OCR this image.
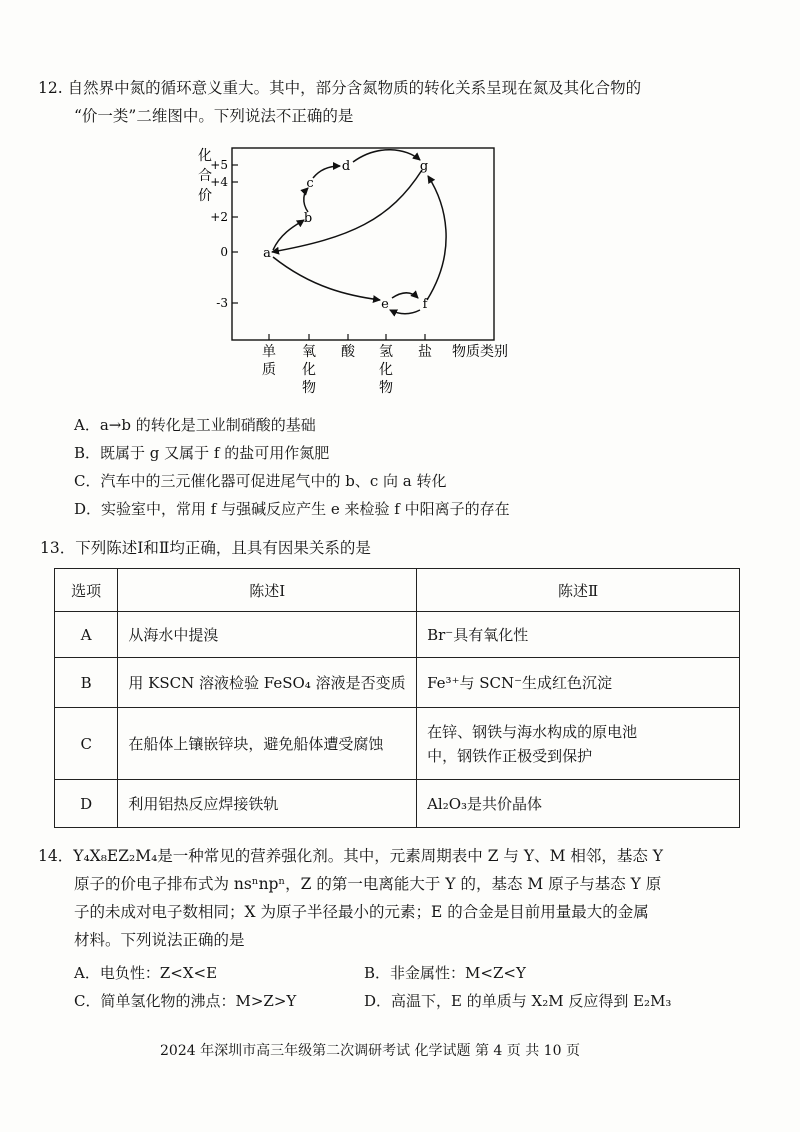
12. 自然界中氮的循环意义重大。其中，部分含氮物质的转化关系呈现在氮及其化合物的
“价一类”二维图中。下列说法不正确的是
化
合
价
+5
+4
+2
0
-3
单
质
氧
化
物
酸 氢
化
物
盐 物质类别
a
b
c
d	g
e	f
A．a→b 的转化是工业制硝酸的基础
B．既属于 g 又属于 f 的盐可用作氮肥
C．汽车中的三元催化器可促进尾气中的 b、c 向 a 转化
D．实验室中，常用 f 与强碱反应产生 e 来检验 f 中阳离子的存在
13．下列陈述Ⅰ和Ⅱ均正确，且具有因果关系的是
选项	陈述Ⅰ	陈述Ⅱ
A	从海水中提溴	Br⁻具有氧化性
B	用 KSCN 溶液检验 FeSO₄ 溶液是否变质	Fe³⁺与 SCN⁻生成红色沉淀
C	在船体上镶嵌锌块，避免船体遭受腐蚀	在锌、钢铁与海水构成的原电池
中，钢铁作正极受到保护
D	利用铝热反应焊接铁轨	Al₂O₃是共价晶体
14．Y₄X₈EZ₂M₄是一种常见的营养强化剂。其中，元素周期表中 Z 与 Y、M 相邻，基态 Y
原子的价电子排布式为 nsⁿnpⁿ，Z 的第一电离能大于 Y 的，基态 M 原子与基态 Y 原
子的未成对电子数相同；X 为原子半径最小的元素；E 的合金是目前用量最大的金属
材料。下列说法正确的是
A．电负性：Z<X<E	B．非金属性：M<Z<Y
C．简单氢化物的沸点：M>Z>Y	D．高温下，E 的单质与 X₂M 反应得到 E₂M₃
2024 年深圳市高三年级第二次调研考试 化学试题 第 4 页 共 10 页
